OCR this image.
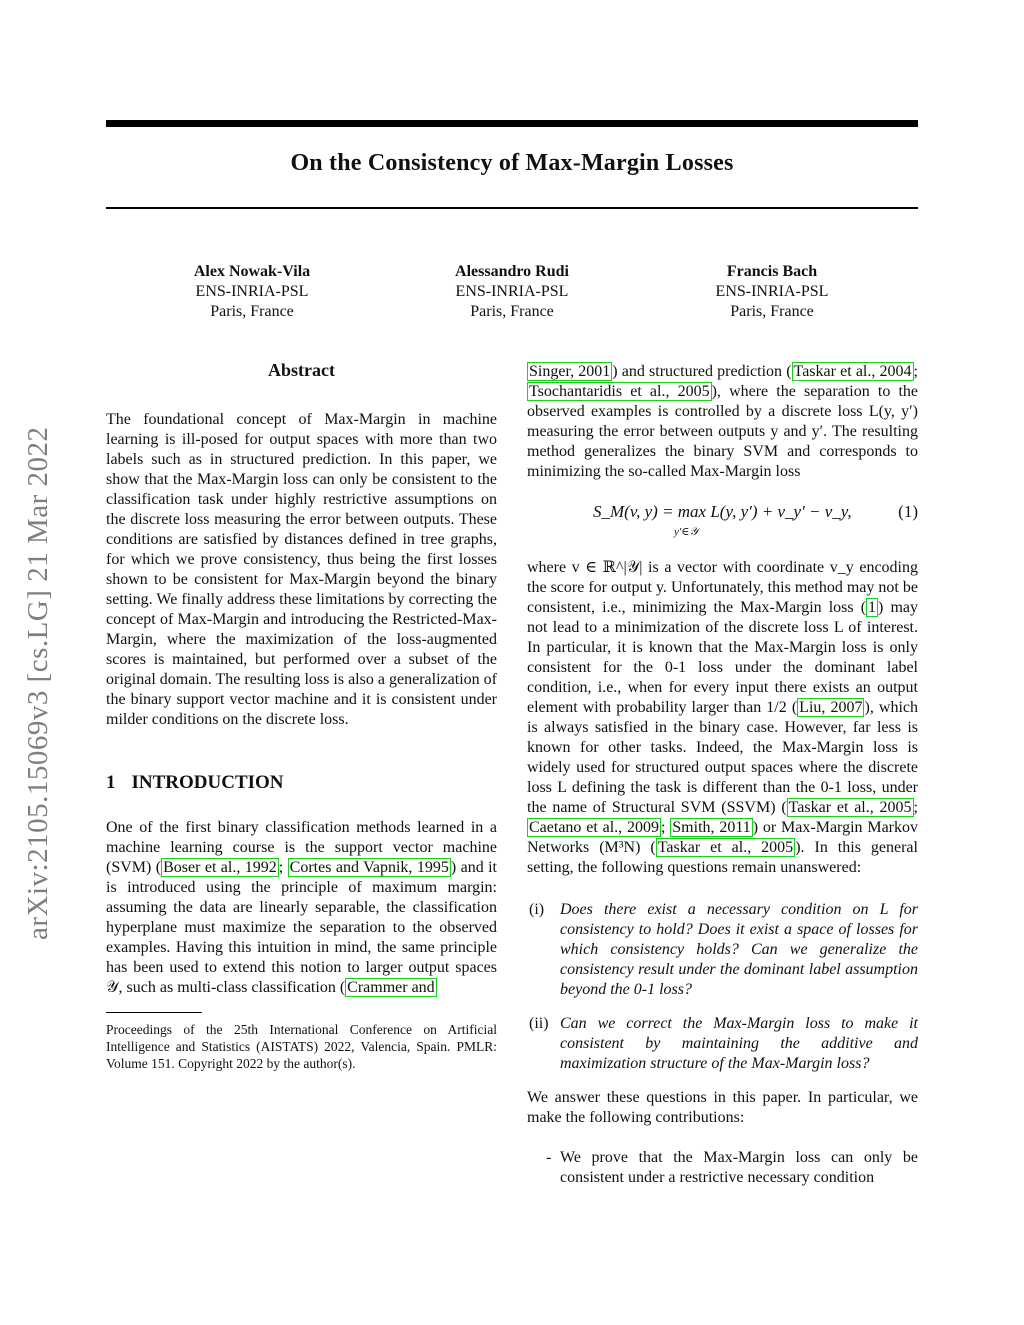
On the Consistency of Max-Margin Losses
Alex Nowak-Vila
ENS-INRIA-PSL
Paris, France
Alessandro Rudi
ENS-INRIA-PSL
Paris, France
Francis Bach
ENS-INRIA-PSL
Paris, France
arXiv:2105.15069v3 [cs.LG] 21 Mar 2022
Abstract

The foundational concept of Max-Margin in machine learning is ill-posed for output spaces with more than two labels such as in structured prediction. In this paper, we show that the Max-Margin loss can only be consistent to the classification task under highly restrictive assumptions on the discrete loss measuring the error between outputs. These conditions are satisfied by distances defined in tree graphs, for which we prove consistency, thus being the first losses shown to be consistent for Max-Margin beyond the binary setting. We finally address these limitations by correcting the concept of Max-Margin and introducing the Restricted-Max-Margin, where the maximization of the loss-augmented scores is maintained, but performed over a subset of the original domain. The resulting loss is also a generalization of the binary support vector machine and it is consistent under milder conditions on the discrete loss.

1 INTRODUCTION

One of the first binary classification methods learned in a machine learning course is the support vector machine (SVM) ( Boser et al., 1992 ; Cortes and Vapnik, 1995 ) and it is introduced using the principle of maximum margin: assuming the data are linearly separable, the classification hyperplane must maximize the separation to the observed examples. Having this intuition in mind, the same principle has been used to extend this notion to larger output spaces 𝒴, such as multi-class classification ( Crammer and

Proceedings of the 25th International Conference on Artificial Intelligence and Statistics (AISTATS) 2022, Valencia, Spain. PMLR: Volume 151. Copyright 2022 by the author(s).

Singer, 2001 ) and structured prediction ( Taskar et al., 2004 ; Tsochantaridis et al., 2005 ), where the separation to the observed examples is controlled by a discrete loss L(y, y′) measuring the error between outputs y and y′. The resulting method generalizes the binary SVM and corresponds to minimizing the so-called Max-Margin loss

S_M(v, y) = max L(y, y′) + v_y′ − v_y,
y′∈𝒴
(1)

where v ∈ ℝ^|𝒴| is a vector with coordinate v_y encoding the score for output y. Unfortunately, this method may not be consistent, i.e., minimizing the Max-Margin loss ( 1 ) may not lead to a minimization of the discrete loss L of interest. In particular, it is known that the Max-Margin loss is only consistent for the 0-1 loss under the dominant label condition, i.e., when for every input there exists an output element with probability larger than 1/2 ( Liu, 2007 ), which is always satisfied in the binary case. However, far less is known for other tasks. Indeed, the Max-Margin loss is widely used for structured output spaces where the discrete loss L defining the task is different than the 0-1 loss, under the name of Structural SVM (SSVM) ( Taskar et al., 2005 ; Caetano et al., 2009 ; Smith, 2011 ) or Max-Margin Markov Networks (M³N) ( Taskar et al., 2005 ). In this general setting, the following questions remain unanswered:

(i) Does there exist a necessary condition on L for consistency to hold? Does it exist a space of losses for which consistency holds? Can we generalize the consistency result under the dominant label assumption beyond the 0-1 loss?
(ii) Can we correct the Max-Margin loss to make it consistent by maintaining the additive and maximization structure of the Max-Margin loss?

We answer these questions in this paper. In particular, we make the following contributions:

- We prove that the Max-Margin loss can only be consistent under a restrictive necessary condition
